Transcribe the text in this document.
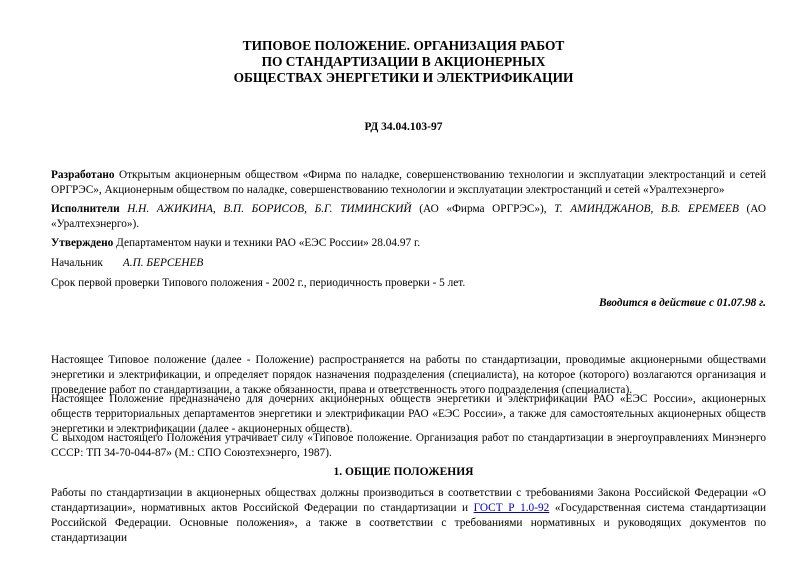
ТИПОВОЕ ПОЛОЖЕНИЕ. ОРГАНИЗАЦИЯ РАБОТ
ПО СТАНДАРТИЗАЦИИ В АКЦИОНЕРНЫХ
ОБЩЕСТВАХ ЭНЕРГЕТИКИ И ЭЛЕКТРИФИКАЦИИ
РД 34.04.103-97

Разработано Открытым акционерным обществом «Фирма по наладке, совершенствованию технологии и эксплуатации электростанций и сетей ОРГРЭС», Акционерным обществом по наладке, совершенствованию технологии и эксплуатации электростанций и сетей «Уралтехэнерго»

Исполнители Н.Н. АЖИКИНА, В.П. БОРИСОВ, Б.Г. ТИМИНСКИЙ (АО «Фирма ОРГРЭС»), Т. АМИНДЖАНОВ, В.В. ЕРЕМЕЕВ (АО «Уралтехэнерго»).

Утверждено Департаментом науки и техники РАО «ЕЭС России» 28.04.97 г.

Начальник А.П. БЕРСЕНЕВ

Срок первой проверки Типового положения - 2002 г., периодичность проверки - 5 лет.

Вводится в действие с 01.07.98 г.

Настоящее Типовое положение (далее - Положение) распространяется на работы по стандартизации, проводимые акционерными обществами энергетики и электрификации, и определяет порядок назначения подразделения (специалиста), на которое (которого) возлагаются организация и проведение работ по стандартизации, а также обязанности, права и ответственность этого подразделения (специалиста).

Настоящее Положение предназначено для дочерних акционерных обществ энергетики и электрификации РАО «ЕЭС России», акционерных обществ территориальных департаментов энергетики и электрификации РАО «ЕЭС России», а также для самостоятельных акционерных обществ энергетики и электрификации (далее - акционерных обществ).

С выходом настоящего Положения утрачивает силу «Типовое положение. Организация работ по стандартизации в энергоуправлениях Минэнерго СССР: ТП 34-70-044-87» (М.: СПО Союзтехэнерго, 1987).

1. ОБЩИЕ ПОЛОЖЕНИЯ

Работы по стандартизации в акционерных обществах должны производиться в соответствии с требованиями Закона Российской Федерации «О стандартизации», нормативных актов Российской Федерации по стандартизации и ГОСТ Р 1.0-92 «Государственная система стандартизации Российской Федерации. Основные положения», а также в соответствии с требованиями нормативных и руководящих документов по стандартизации
